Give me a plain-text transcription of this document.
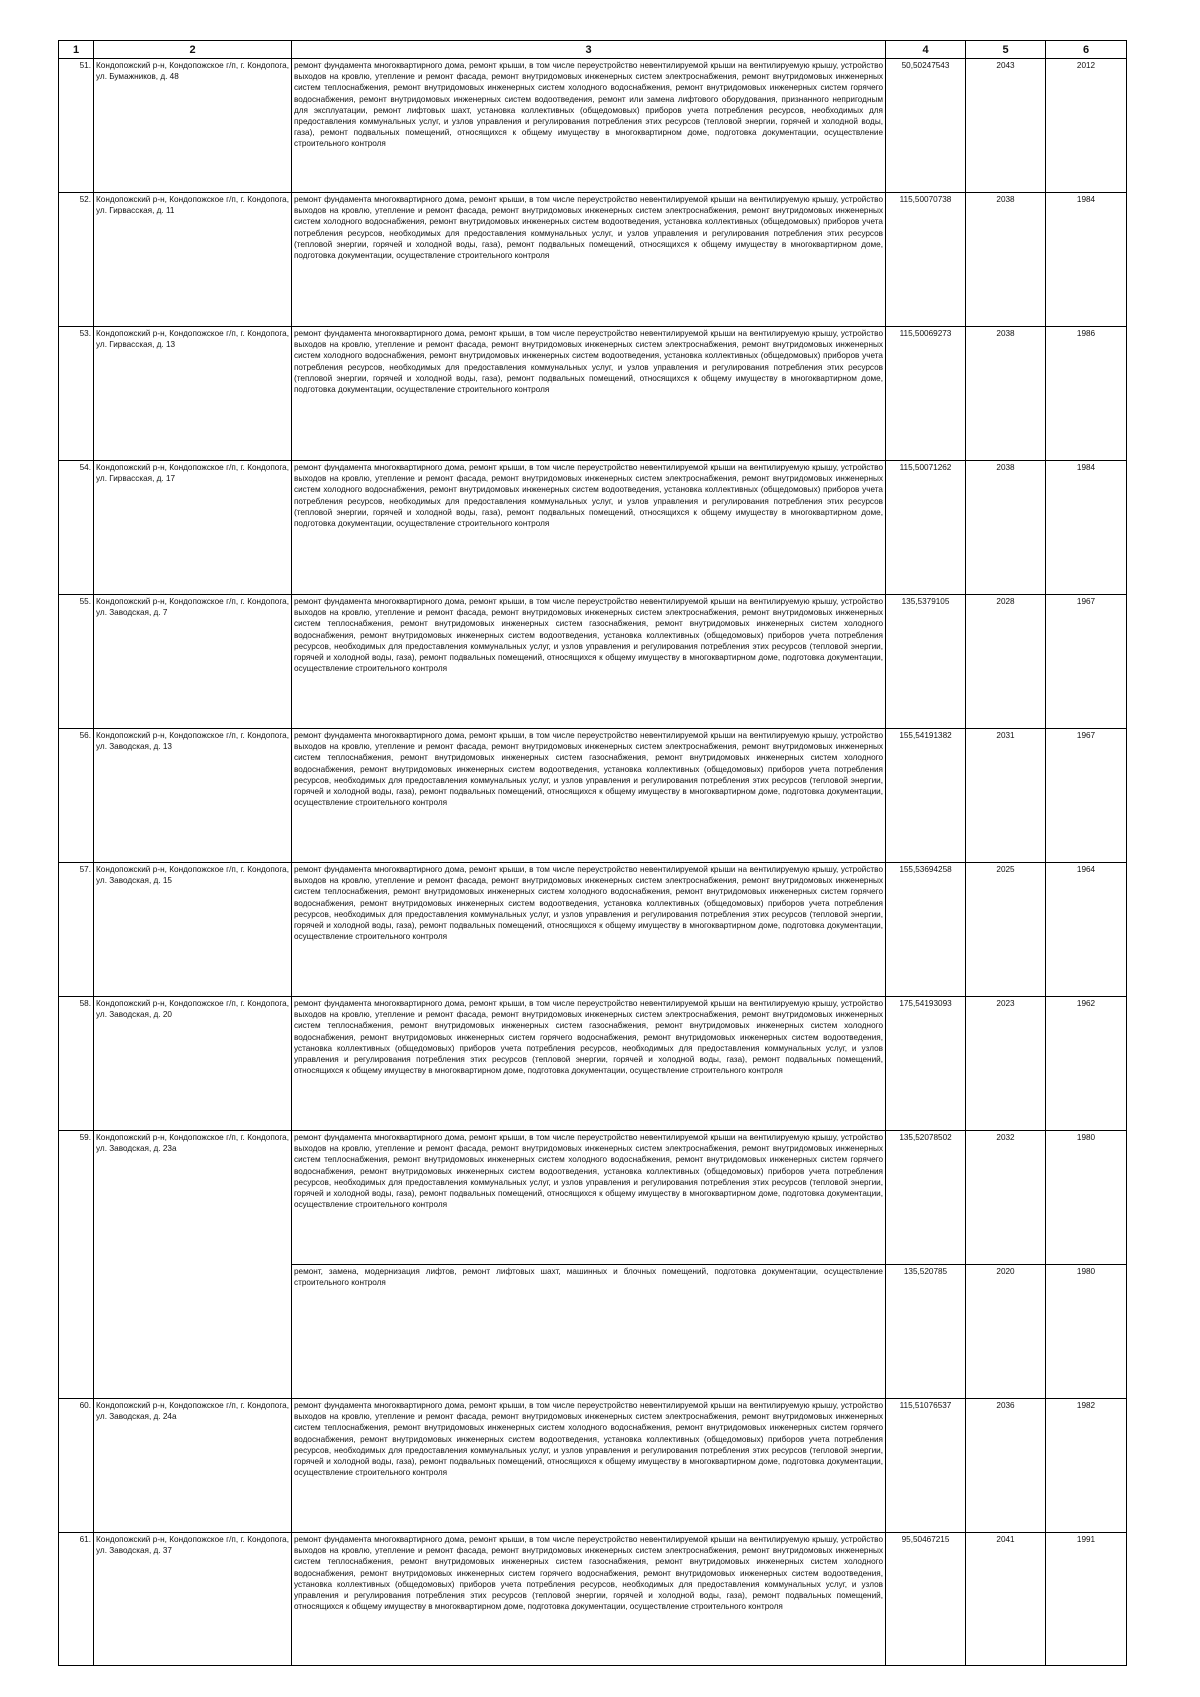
1	2	3	4	5	6
51.	Кондопожский р-н, Кондопожское г/п, г. Кондопога, ул. Бумажников, д. 48	ремонт фундамента многоквартирного дома, ремонт крыши, в том числе переустройство невентилируемой крыши на вентилируемую крышу, устройство выходов на кровлю, утепление и ремонт фасада, ремонт внутридомовых инженерных систем электроснабжения, ремонт внутридомовых инженерных систем теплоснабжения, ремонт внутридомовых инженерных систем холодного водоснабжения, ремонт внутридомовых инженерных систем горячего водоснабжения, ремонт внутридомовых инженерных систем водоотведения, ремонт или замена лифтового оборудования, признанного непригодным для эксплуатации, ремонт лифтовых шахт, установка коллективных (общедомовых) приборов учета потребления ресурсов, необходимых для предоставления коммунальных услуг, и узлов управления и регулирования потребления этих ресурсов (тепловой энергии, горячей и холодной воды, газа), ремонт подвальных помещений, относящихся к общему имуществу в многоквартирном доме, подготовка документации, осуществление строительного контроля	50,50247543	2043	2012
52.	Кондопожский р-н, Кондопожское г/п, г. Кондопога, ул. Гирвасская, д. 11	ремонт фундамента многоквартирного дома, ремонт крыши, в том числе переустройство невентилируемой крыши на вентилируемую крышу, устройство выходов на кровлю, утепление и ремонт фасада, ремонт внутридомовых инженерных систем электроснабжения, ремонт внутридомовых инженерных систем холодного водоснабжения, ремонт внутридомовых инженерных систем водоотведения, установка коллективных (общедомовых) приборов учета потребления ресурсов, необходимых для предоставления коммунальных услуг, и узлов управления и регулирования потребления этих ресурсов (тепловой энергии, горячей и холодной воды, газа), ремонт подвальных помещений, относящихся к общему имуществу в многоквартирном доме, подготовка документации, осуществление строительного контроля	115,50070738	2038	1984
53.	Кондопожский р-н, Кондопожское г/п, г. Кондопога, ул. Гирвасская, д. 13	ремонт фундамента многоквартирного дома, ремонт крыши, в том числе переустройство невентилируемой крыши на вентилируемую крышу, устройство выходов на кровлю, утепление и ремонт фасада, ремонт внутридомовых инженерных систем электроснабжения, ремонт внутридомовых инженерных систем холодного водоснабжения, ремонт внутридомовых инженерных систем водоотведения, установка коллективных (общедомовых) приборов учета потребления ресурсов, необходимых для предоставления коммунальных услуг, и узлов управления и регулирования потребления этих ресурсов (тепловой энергии, горячей и холодной воды, газа), ремонт подвальных помещений, относящихся к общему имуществу в многоквартирном доме, подготовка документации, осуществление строительного контроля	115,50069273	2038	1986
54.	Кондопожский р-н, Кондопожское г/п, г. Кондопога, ул. Гирвасская, д. 17	ремонт фундамента многоквартирного дома, ремонт крыши, в том числе переустройство невентилируемой крыши на вентилируемую крышу, устройство выходов на кровлю, утепление и ремонт фасада, ремонт внутридомовых инженерных систем электроснабжения, ремонт внутридомовых инженерных систем холодного водоснабжения, ремонт внутридомовых инженерных систем водоотведения, установка коллективных (общедомовых) приборов учета потребления ресурсов, необходимых для предоставления коммунальных услуг, и узлов управления и регулирования потребления этих ресурсов (тепловой энергии, горячей и холодной воды, газа), ремонт подвальных помещений, относящихся к общему имуществу в многоквартирном доме, подготовка документации, осуществление строительного контроля	115,50071262	2038	1984
55.	Кондопожский р-н, Кондопожское г/п, г. Кондопога, ул. Заводская, д. 7	ремонт фундамента многоквартирного дома, ремонт крыши, в том числе переустройство невентилируемой крыши на вентилируемую крышу, устройство выходов на кровлю, утепление и ремонт фасада, ремонт внутридомовых инженерных систем электроснабжения, ремонт внутридомовых инженерных систем теплоснабжения, ремонт внутридомовых инженерных систем газоснабжения, ремонт внутридомовых инженерных систем холодного водоснабжения, ремонт внутридомовых инженерных систем водоотведения, установка коллективных (общедомовых) приборов учета потребления ресурсов, необходимых для предоставления коммунальных услуг, и узлов управления и регулирования потребления этих ресурсов (тепловой энергии, горячей и холодной воды, газа), ремонт подвальных помещений, относящихся к общему имуществу в многоквартирном доме, подготовка документации, осуществление строительного контроля	135,5379105	2028	1967
56.	Кондопожский р-н, Кондопожское г/п, г. Кондопога, ул. Заводская, д. 13	ремонт фундамента многоквартирного дома, ремонт крыши, в том числе переустройство невентилируемой крыши на вентилируемую крышу, устройство выходов на кровлю, утепление и ремонт фасада, ремонт внутридомовых инженерных систем электроснабжения, ремонт внутридомовых инженерных систем теплоснабжения, ремонт внутридомовых инженерных систем газоснабжения, ремонт внутридомовых инженерных систем холодного водоснабжения, ремонт внутридомовых инженерных систем водоотведения, установка коллективных (общедомовых) приборов учета потребления ресурсов, необходимых для предоставления коммунальных услуг, и узлов управления и регулирования потребления этих ресурсов (тепловой энергии, горячей и холодной воды, газа), ремонт подвальных помещений, относящихся к общему имуществу в многоквартирном доме, подготовка документации, осуществление строительного контроля	155,54191382	2031	1967
57.	Кондопожский р-н, Кондопожское г/п, г. Кондопога, ул. Заводская, д. 15	ремонт фундамента многоквартирного дома, ремонт крыши, в том числе переустройство невентилируемой крыши на вентилируемую крышу, устройство выходов на кровлю, утепление и ремонт фасада, ремонт внутридомовых инженерных систем электроснабжения, ремонт внутридомовых инженерных систем теплоснабжения, ремонт внутридомовых инженерных систем холодного водоснабжения, ремонт внутридомовых инженерных систем горячего водоснабжения, ремонт внутридомовых инженерных систем водоотведения, установка коллективных (общедомовых) приборов учета потребления ресурсов, необходимых для предоставления коммунальных услуг, и узлов управления и регулирования потребления этих ресурсов (тепловой энергии, горячей и холодной воды, газа), ремонт подвальных помещений, относящихся к общему имуществу в многоквартирном доме, подготовка документации, осуществление строительного контроля	155,53694258	2025	1964
58.	Кондопожский р-н, Кондопожское г/п, г. Кондопога, ул. Заводская, д. 20	ремонт фундамента многоквартирного дома, ремонт крыши, в том числе переустройство невентилируемой крыши на вентилируемую крышу, устройство выходов на кровлю, утепление и ремонт фасада, ремонт внутридомовых инженерных систем электроснабжения, ремонт внутридомовых инженерных систем теплоснабжения, ремонт внутридомовых инженерных систем газоснабжения, ремонт внутридомовых инженерных систем холодного водоснабжения, ремонт внутридомовых инженерных систем горячего водоснабжения, ремонт внутридомовых инженерных систем водоотведения, установка коллективных (общедомовых) приборов учета потребления ресурсов, необходимых для предоставления коммунальных услуг, и узлов управления и регулирования потребления этих ресурсов (тепловой энергии, горячей и холодной воды, газа), ремонт подвальных помещений, относящихся к общему имуществу в многоквартирном доме, подготовка документации, осуществление строительного контроля	175,54193093	2023	1962
59.	Кондопожский р-н, Кондопожское г/п, г. Кондопога, ул. Заводская, д. 23а	ремонт фундамента многоквартирного дома, ремонт крыши, в том числе переустройство невентилируемой крыши на вентилируемую крышу, устройство выходов на кровлю, утепление и ремонт фасада, ремонт внутридомовых инженерных систем электроснабжения, ремонт внутридомовых инженерных систем теплоснабжения, ремонт внутридомовых инженерных систем холодного водоснабжения, ремонт внутридомовых инженерных систем горячего водоснабжения, ремонт внутридомовых инженерных систем водоотведения, установка коллективных (общедомовых) приборов учета потребления ресурсов, необходимых для предоставления коммунальных услуг, и узлов управления и регулирования потребления этих ресурсов (тепловой энергии, горячей и холодной воды, газа), ремонт подвальных помещений, относящихся к общему имуществу в многоквартирном доме, подготовка документации, осуществление строительного контроля	135,52078502	2032	1980
		ремонт, замена, модернизация лифтов, ремонт лифтовых шахт, машинных и блочных помещений, подготовка документации, осуществление строительного контроля	135,520785	2020	1980
60.	Кондопожский р-н, Кондопожское г/п, г. Кондопога, ул. Заводская, д. 24а	ремонт фундамента многоквартирного дома, ремонт крыши, в том числе переустройство невентилируемой крыши на вентилируемую крышу, устройство выходов на кровлю, утепление и ремонт фасада, ремонт внутридомовых инженерных систем электроснабжения, ремонт внутридомовых инженерных систем теплоснабжения, ремонт внутридомовых инженерных систем холодного водоснабжения, ремонт внутридомовых инженерных систем горячего водоснабжения, ремонт внутридомовых инженерных систем водоотведения, установка коллективных (общедомовых) приборов учета потребления ресурсов, необходимых для предоставления коммунальных услуг, и узлов управления и регулирования потребления этих ресурсов (тепловой энергии, горячей и холодной воды, газа), ремонт подвальных помещений, относящихся к общему имуществу в многоквартирном доме, подготовка документации, осуществление строительного контроля	115,51076537	2036	1982
61.	Кондопожский р-н, Кондопожское г/п, г. Кондопога, ул. Заводская, д. 37	ремонт фундамента многоквартирного дома, ремонт крыши, в том числе переустройство невентилируемой крыши на вентилируемую крышу, устройство выходов на кровлю, утепление и ремонт фасада, ремонт внутридомовых инженерных систем электроснабжения, ремонт внутридомовых инженерных систем теплоснабжения, ремонт внутридомовых инженерных систем газоснабжения, ремонт внутридомовых инженерных систем холодного водоснабжения, ремонт внутридомовых инженерных систем горячего водоснабжения, ремонт внутридомовых инженерных систем водоотведения, установка коллективных (общедомовых) приборов учета потребления ресурсов, необходимых для предоставления коммунальных услуг, и узлов управления и регулирования потребления этих ресурсов (тепловой энергии, горячей и холодной воды, газа), ремонт подвальных помещений, относящихся к общему имуществу в многоквартирном доме, подготовка документации, осуществление строительного контроля	95,50467215	2041	1991
